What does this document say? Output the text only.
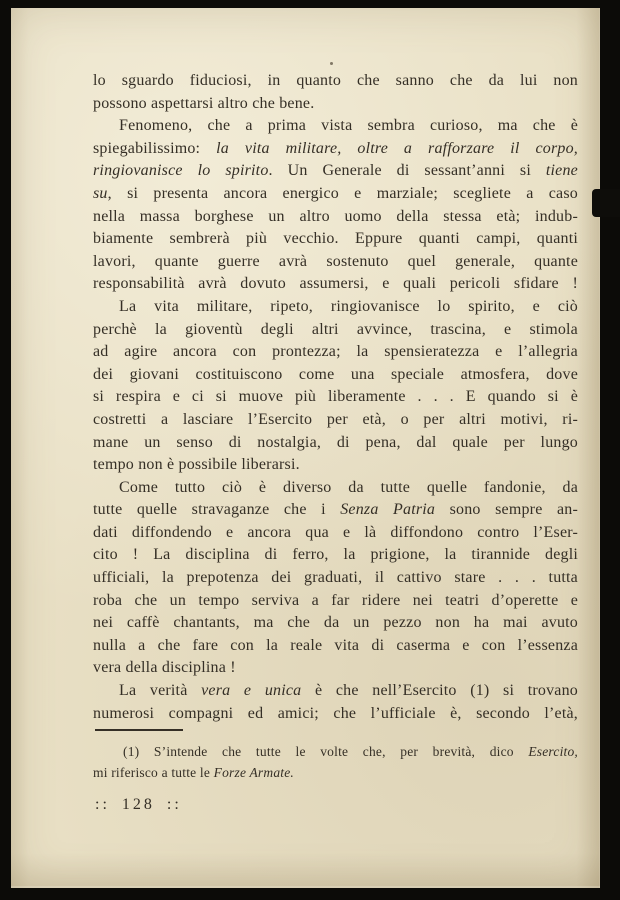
lo sguardo fiduciosi, in quanto che sanno che da lui non
possono aspettarsi altro che bene.
Fenomeno, che a prima vista sembra curioso, ma che è
spiegabilissimo: la vita militare, oltre a rafforzare il corpo,
ringiovanisce lo spirito. Un Generale di sessant’anni si tiene
su, si presenta ancora energico e marziale; scegliete a caso
nella massa borghese un altro uomo della stessa età; indub-
biamente sembrerà più vecchio. Eppure quanti campi, quanti
lavori, quante guerre avrà sostenuto quel generale, quante
responsabilità avrà dovuto assumersi, e quali pericoli sfidare !
La vita militare, ripeto, ringiovanisce lo spirito, e ciò
perchè la gioventù degli altri avvince, trascina, e stimola
ad agire ancora con prontezza; la spensieratezza e l’allegria
dei giovani costituiscono come una speciale atmosfera, dove
si respira e ci si muove più liberamente . . . E quando si è
costretti a lasciare l’Esercito per età, o per altri motivi, ri-
mane un senso di nostalgia, di pena, dal quale per lungo
tempo non è possibile liberarsi.
Come tutto ciò è diverso da tutte quelle fandonie, da
tutte quelle stravaganze che i Senza Patria sono sempre an-
dati diffondendo e ancora qua e là diffondono contro l’Eser-
cito ! La disciplina di ferro, la prigione, la tirannide degli
ufficiali, la prepotenza dei graduati, il cattivo stare . . . tutta
roba che un tempo serviva a far ridere nei teatri d’operette e
nei caffè chantants, ma che da un pezzo non ha mai avuto
nulla a che fare con la reale vita di caserma e con l’essenza
vera della disciplina !
La verità vera e unica è che nell’Esercito (1) si trovano
numerosi compagni ed amici; che l’ufficiale è, secondo l’età,
(1) S’intende che tutte le volte che, per brevità, dico Esercito,
mi riferisco a tutte le Forze Armate.
:: 128 ::
